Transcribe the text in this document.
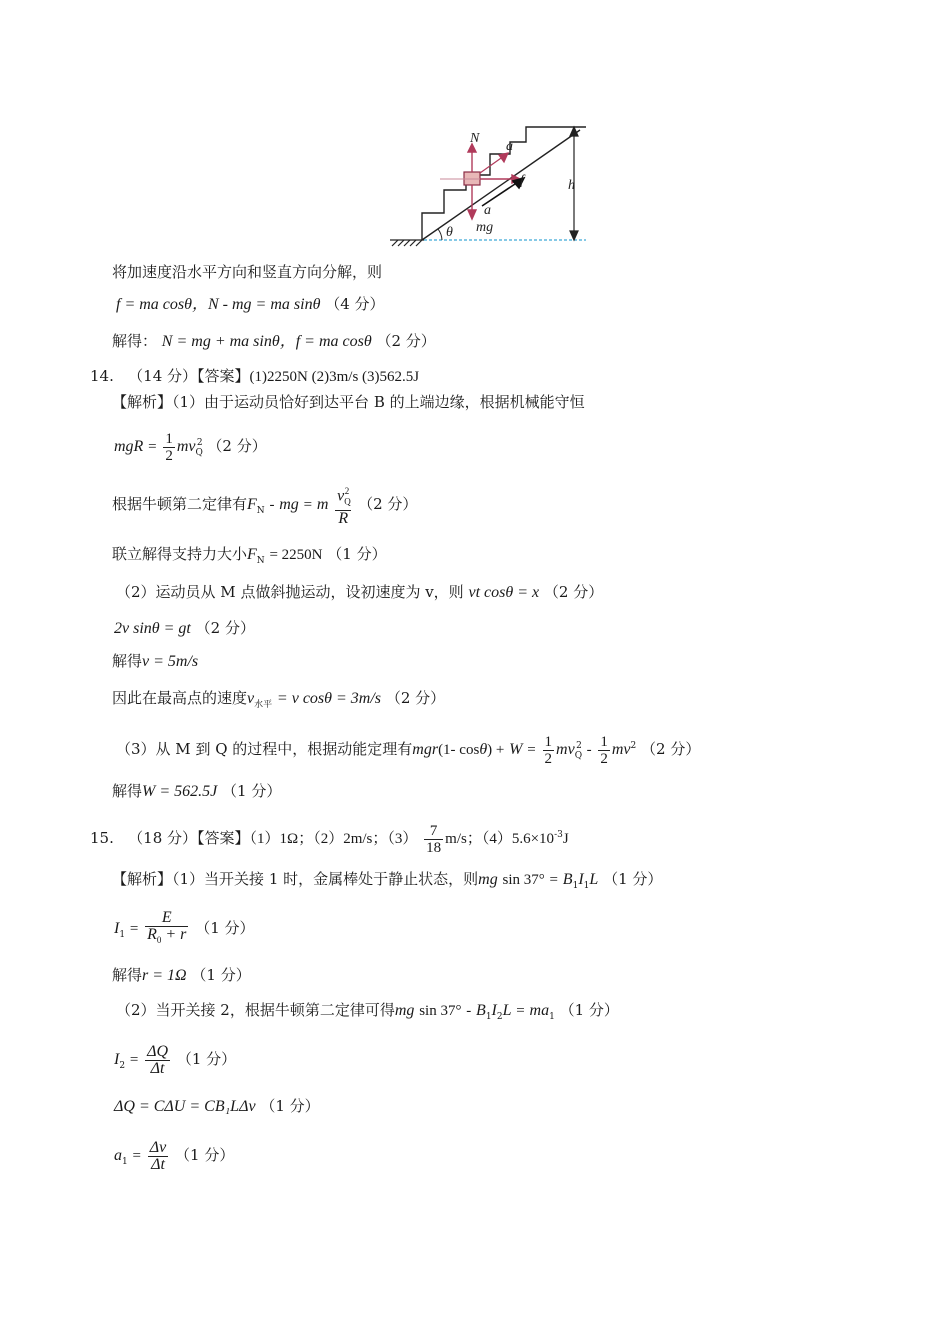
N
a
f	h
a
mg
θ
将加速度沿水平方向和竖直方向分解，则
f = ma cosθ，N - mg = ma sinθ （4 分）
解得： N = mg + ma sinθ，f = ma cosθ （2 分）
14. （14 分）【答案】(1)2250N (2)3m/s (3)562.5J
【解析】（1）由于运动员恰好到达平台 B 的上端边缘，根据机械能守恒
mgR = $\frac{1}{2} mv_Q^2$ （2 分）
根据牛顿第二定律有$F_N$ - mg = m $\frac{v_Q^2}{R} (2$ 分）
联立解得支持力大小$F_N = 2250N$ （1 分）
（2）运动员从 M 点做斜抛运动，设初速度为 v，则 vt cosθ = x （2 分）
2v sinθ = gt （2 分）
解得v = 5m/s
因此在最高点的速度$v_{水平} = v$ cosθ = 3m/s （2 分）
（3）从 M 到 Q 的过程中，根据动能定理有mgr(1- $\cos\theta) + W = \frac{1}{2} mv_Q^2 - \frac{1}{2} mv^2$ （2 分）
解得W = 562.5J （1 分）
15. （18 分）【答案】（1）1Ω；（2）2m/s；$(3) \frac{7}{18} m/s$；$(4)5.6\times 10^{-3}J$
【解析】（1）当开关接 1 时，金属棒处于静止状态，则mg $\sin 37^\circ = B_1I_1L$ （1 分）
$I_1 = \frac{E}{R_0 + r} (1$ 分）
解得r = 1Ω （1 分）
（2）当开关接 2，根据牛顿第二定律可得mg $\sin 37^\circ - B_1I_2L = ma_1$ （1 分）
$I_2 = \frac{\Delta Q}{\Delta t} (1$ 分）
ΔQ = CΔU = CB₁LΔv （1 分）
$a_1 = \frac{\Delta v}{\Delta t} (1$ 分）
